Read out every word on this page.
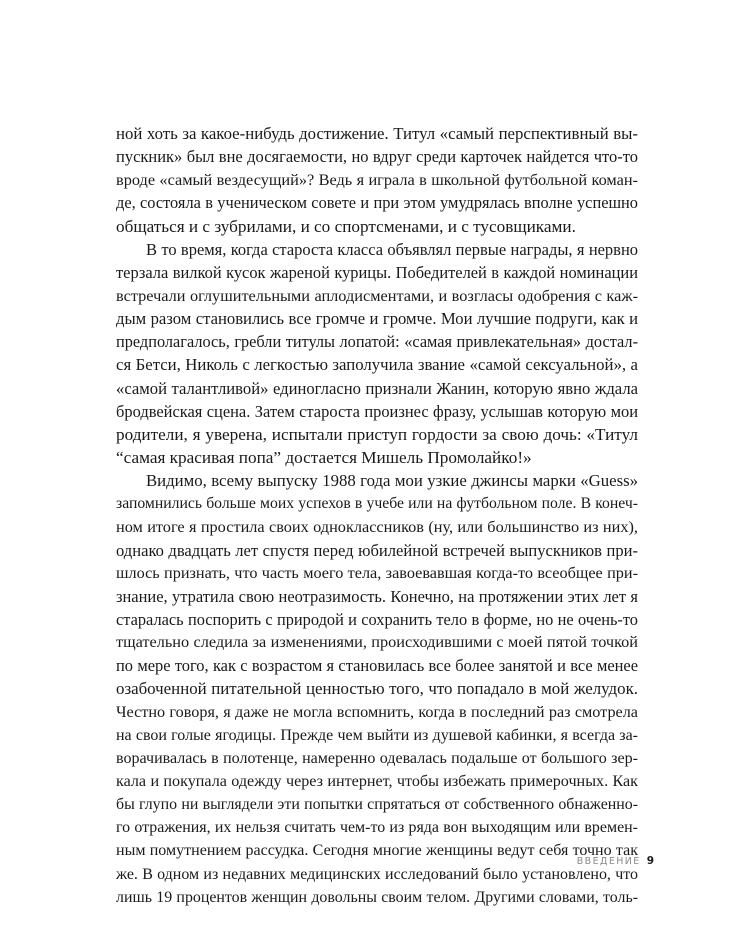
ной хоть за какое-нибудь достижение. Титул «самый перспективный вы-
пускник» был вне досягаемости, но вдруг среди карточек найдется что-то
вроде «самый вездесущий»? Ведь я играла в школьной футбольной коман-
де, состояла в ученическом совете и при этом умудрялась вполне успешно
общаться и с зубрилами, и со спортсменами, и с тусовщиками.
В то время, когда староста класса объявлял первые награды, я нервно
терзала вилкой кусок жареной курицы. Победителей в каждой номинации
встречали оглушительными аплодисментами, и возгласы одобрения с каж-
дым разом становились все громче и громче. Мои лучшие подруги, как и
предполагалось, гребли титулы лопатой: «самая привлекательная» достал-
ся Бетси, Николь с легкостью заполучила звание «самой сексуальной», а
«самой талантливой» единогласно признали Жанин, которую явно ждала
бродвейская сцена. Затем староста произнес фразу, услышав которую мои
родители, я уверена, испытали приступ гордости за свою дочь: «Титул
“самая красивая попа” достается Мишель Промолайко!»
Видимо, всему выпуску 1988 года мои узкие джинсы марки «Guess»
запомнились больше моих успехов в учебе или на футбольном поле. В конеч-
ном итоге я простила своих одноклассников (ну, или большинство из них),
однако двадцать лет спустя перед юбилейной встречей выпускников при-
шлось признать, что часть моего тела, завоевавшая когда-то всеобщее при-
знание, утратила свою неотразимость. Конечно, на протяжении этих лет я
старалась поспорить с природой и сохранить тело в форме, но не очень-то
тщательно следила за изменениями, происходившими с моей пятой точкой
по мере того, как с возрастом я становилась все более занятой и все менее
озабоченной питательной ценностью того, что попадало в мой желудок.
Честно говоря, я даже не могла вспомнить, когда в последний раз смотрела
на свои голые ягодицы. Прежде чем выйти из душевой кабинки, я всегда за-
ворачивалась в полотенце, намеренно одевалась подальше от большого зер-
кала и покупала одежду через интернет, чтобы избежать примерочных. Как
бы глупо ни выглядели эти попытки спрятаться от собственного обнаженно-
го отражения, их нельзя считать чем-то из ряда вон выходящим или времен-
ным помутнением рассудка. Сегодня многие женщины ведут себя точно так
же. В одном из недавних медицинских исследований было установлено, что
лишь 19 процентов женщин довольны своим телом. Другими словами, толь-
ВВЕДЕНИЕ 9
